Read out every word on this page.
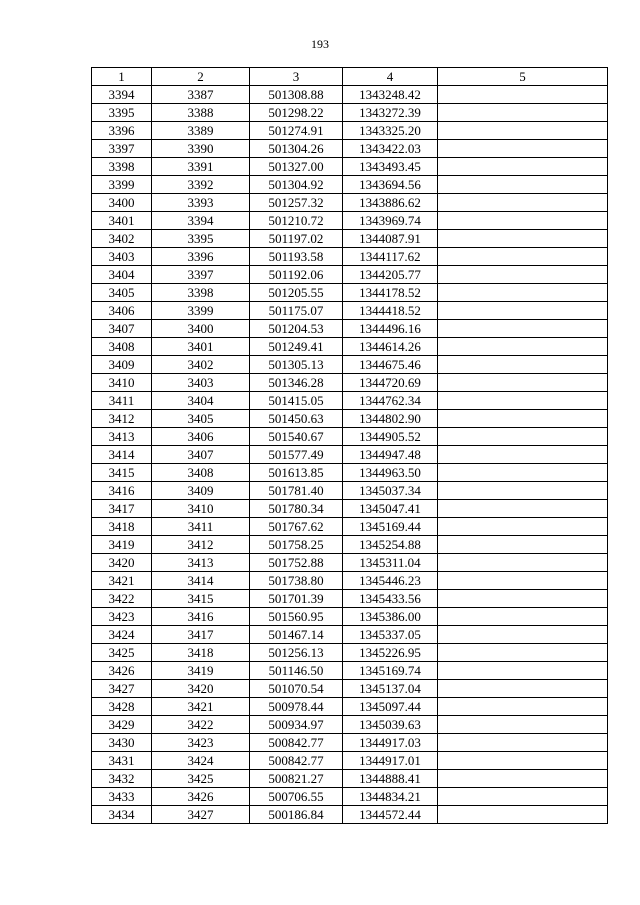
193
1	2	3	4	5
3394	3387	501308.88	1343248.42	
3395	3388	501298.22	1343272.39	
3396	3389	501274.91	1343325.20	
3397	3390	501304.26	1343422.03	
3398	3391	501327.00	1343493.45	
3399	3392	501304.92	1343694.56	
3400	3393	501257.32	1343886.62	
3401	3394	501210.72	1343969.74	
3402	3395	501197.02	1344087.91	
3403	3396	501193.58	1344117.62	
3404	3397	501192.06	1344205.77	
3405	3398	501205.55	1344178.52	
3406	3399	501175.07	1344418.52	
3407	3400	501204.53	1344496.16	
3408	3401	501249.41	1344614.26	
3409	3402	501305.13	1344675.46	
3410	3403	501346.28	1344720.69	
3411	3404	501415.05	1344762.34	
3412	3405	501450.63	1344802.90	
3413	3406	501540.67	1344905.52	
3414	3407	501577.49	1344947.48	
3415	3408	501613.85	1344963.50	
3416	3409	501781.40	1345037.34	
3417	3410	501780.34	1345047.41	
3418	3411	501767.62	1345169.44	
3419	3412	501758.25	1345254.88	
3420	3413	501752.88	1345311.04	
3421	3414	501738.80	1345446.23	
3422	3415	501701.39	1345433.56	
3423	3416	501560.95	1345386.00	
3424	3417	501467.14	1345337.05	
3425	3418	501256.13	1345226.95	
3426	3419	501146.50	1345169.74	
3427	3420	501070.54	1345137.04	
3428	3421	500978.44	1345097.44	
3429	3422	500934.97	1345039.63	
3430	3423	500842.77	1344917.03	
3431	3424	500842.77	1344917.01	
3432	3425	500821.27	1344888.41	
3433	3426	500706.55	1344834.21	
3434	3427	500186.84	1344572.44	
